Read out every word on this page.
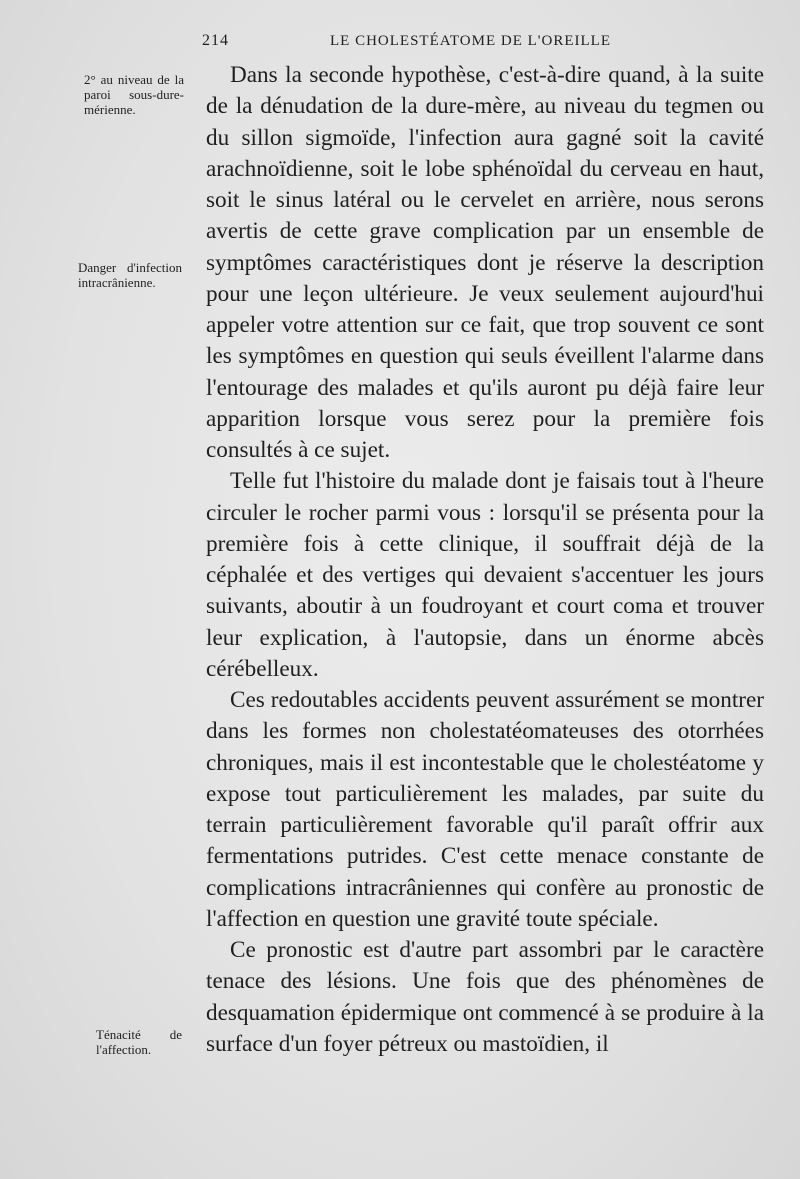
214	LE CHOLESTÉATOME DE L'OREILLE
2° au niveau de la paroi sous-dure-mérienne.
Danger d'infection intracrânienne.
Ténacité de l'affection.

Dans la seconde hypothèse, c'est-à-dire quand, à la suite de la dénudation de la dure-mère, au niveau du tegmen ou du sillon sigmoïde, l'infection aura gagné soit la cavité arachnoïdienne, soit le lobe sphénoïdal du cerveau en haut, soit le sinus latéral ou le cervelet en arrière, nous serons avertis de cette grave complication par un ensemble de symptômes caractéristiques dont je réserve la description pour une leçon ultérieure. Je veux seulement aujourd'hui appeler votre attention sur ce fait, que trop souvent ce sont les symptômes en question qui seuls éveillent l'alarme dans l'entourage des malades et qu'ils auront pu déjà faire leur apparition lorsque vous serez pour la première fois consultés à ce sujet.

Telle fut l'histoire du malade dont je faisais tout à l'heure circuler le rocher parmi vous : lorsqu'il se présenta pour la première fois à cette clinique, il souffrait déjà de la céphalée et des vertiges qui devaient s'accentuer les jours suivants, aboutir à un foudroyant et court coma et trouver leur explication, à l'autopsie, dans un énorme abcès cérébelleux.

Ces redoutables accidents peuvent assurément se montrer dans les formes non cholestatéomateuses des otorrhées chroniques, mais il est incontestable que le cholestéatome y expose tout particulièrement les malades, par suite du terrain particulièrement favorable qu'il paraît offrir aux fermentations putrides. C'est cette menace constante de complications intracrâniennes qui confère au pronostic de l'affection en question une gravité toute spéciale.

Ce pronostic est d'autre part assombri par le caractère tenace des lésions. Une fois que des phénomènes de desquamation épidermique ont commencé à se produire à la surface d'un foyer pétreux ou mastoïdien, il
